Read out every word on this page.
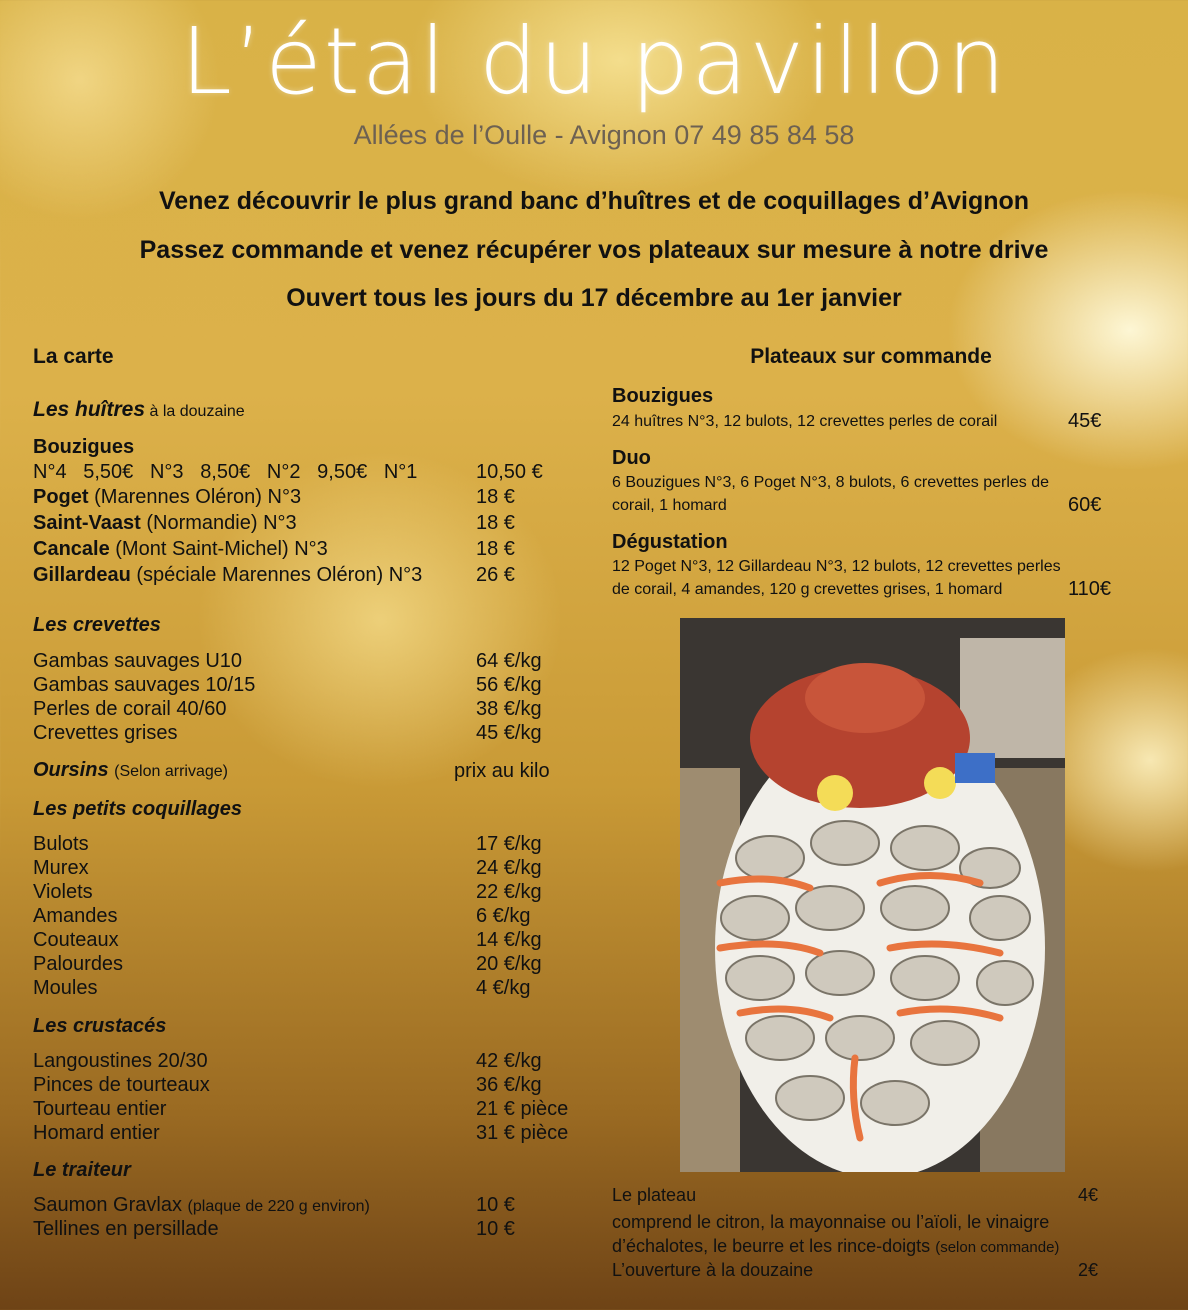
L’étal du pavillon
Allées de l’Oulle - Avignon 07 49 85 84 58
Venez découvrir le plus grand banc d’huîtres et de coquillages d’Avignon
Passez commande et venez récupérer vos plateaux sur mesure à notre drive
Ouvert tous les jours du 17 décembre au 1er janvier
La carte
Les huîtres à la douzaine
Bouzigues
N°4   5,50€   N°3   8,50€   N°2   9,50€   N°1	10,50 €
Poget (Marennes Oléron) N°3	18 €
Saint-Vaast (Normandie) N°3	18 €
Cancale (Mont Saint-Michel) N°3	18 €
Gillardeau (spéciale Marennes Oléron) N°3	26 €
Les crevettes
Gambas sauvages U10	64 €/kg
Gambas sauvages 10/15	56 €/kg
Perles de corail 40/60	38 €/kg
Crevettes grises	45 €/kg
Oursins (Selon arrivage)	prix au kilo
Les petits coquillages
Bulots	17 €/kg
Murex	24 €/kg
Violets	22 €/kg
Amandes	6 €/kg
Couteaux	14 €/kg
Palourdes	20 €/kg
Moules	4 €/kg
Les crustacés
Langoustines 20/30	42 €/kg
Pinces de tourteaux	36 €/kg
Tourteau entier	21 € pièce
Homard entier	31 € pièce
Le traiteur
Saumon Gravlax (plaque de 220 g environ)	10 €
Tellines en persillade	10 €
Plateaux sur commande
Bouzigues
24 huîtres N°3, 12 bulots, 12 crevettes perles de corail	45€
Duo
6 Bouzigues N°3, 6 Poget N°3, 8 bulots, 6 crevettes perles de
corail, 1 homard	60€
Dégustation
12 Poget N°3, 12 Gillardeau N°3, 12 bulots, 12 crevettes perles
de corail, 4 amandes, 120 g crevettes grises, 1 homard	110€
Le plateau	4€
comprend le citron, la mayonnaise ou l’aïoli, le vinaigre
d’échalotes, le beurre et les rince-doigts (selon commande)
L’ouverture à la douzaine	2€
